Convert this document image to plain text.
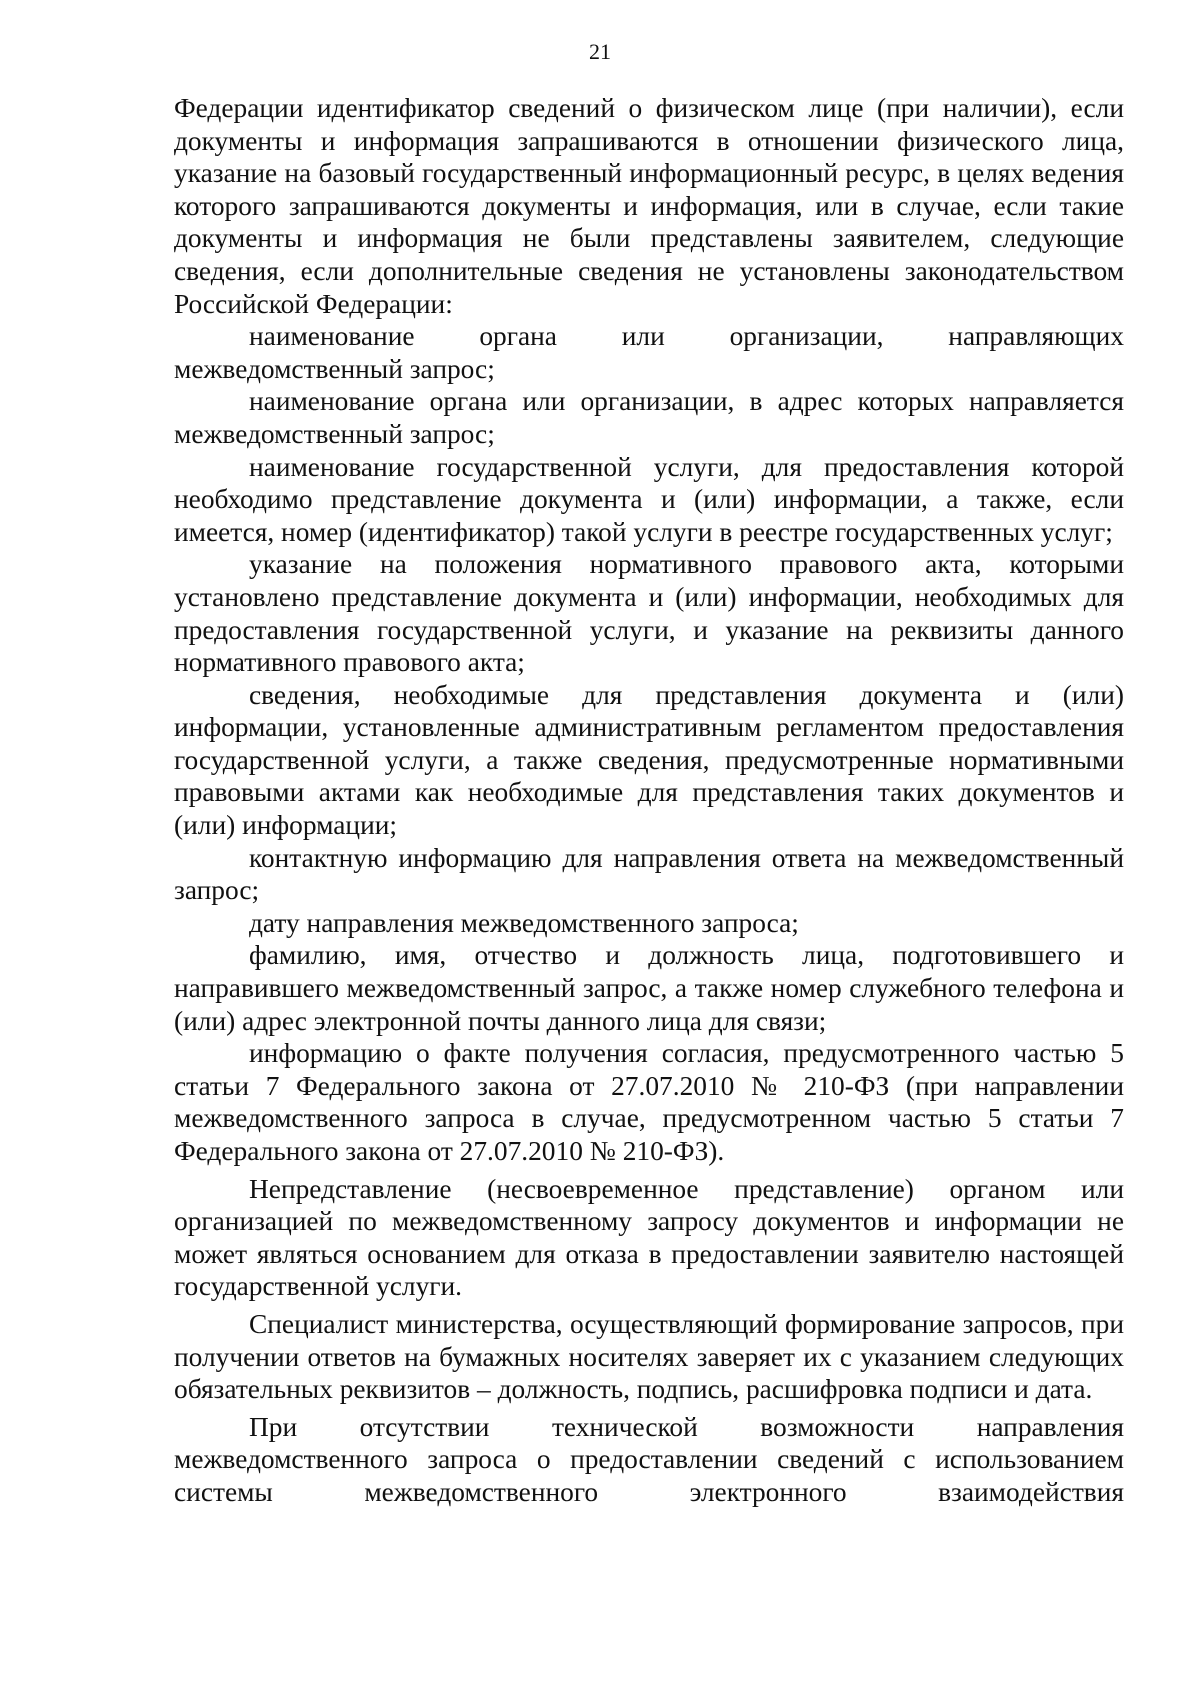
21

Федерации идентификатор сведений о физическом лице (при наличии), если документы и информация запрашиваются в отношении физического лица, указание на базовый государственный информационный ресурс, в целях ведения которого запрашиваются документы и информация, или в случае, если такие документы и информация не были представлены заявителем, следующие сведения, если дополнительные сведения не установлены законодательством Российской Федерации:

наименование органа или организации, направляющих межведомственный запрос;

наименование органа или организации, в адрес которых направляется межведомственный запрос;

наименование государственной услуги, для предоставления которой необходимо представление документа и (или) информации, а также, если имеется, номер (идентификатор) такой услуги в реестре государственных услуг;

указание на положения нормативного правового акта, которыми установлено представление документа и (или) информации, необходимых для предоставления государственной услуги, и указание на реквизиты данного нормативного правового акта;

сведения, необходимые для представления документа и (или) информации, установленные административным регламентом предоставления государственной услуги, а также сведения, предусмотренные нормативными правовыми актами как необходимые для представления таких документов и (или) информации;

контактную информацию для направления ответа на межведомственный запрос;

дату направления межведомственного запроса;

фамилию, имя, отчество и должность лица, подготовившего и направившего межведомственный запрос, а также номер служебного телефона и (или) адрес электронной почты данного лица для связи;

информацию о факте получения согласия, предусмотренного частью 5 статьи 7 Федерального закона от 27.07.2010 № 210-ФЗ (при направлении межведомственного запроса в случае, предусмотренном частью 5 статьи 7 Федерального закона от 27.07.2010 № 210-ФЗ).

Непредставление (несвоевременное представление) органом или организацией по межведомственному запросу документов и информации не может являться основанием для отказа в предоставлении заявителю настоящей государственной услуги.

Специалист министерства, осуществляющий формирование запросов, при получении ответов на бумажных носителях заверяет их с указанием следующих обязательных реквизитов – должность, подпись, расшифровка подписи и дата.

При отсутствии технической возможности направления межведомственного запроса о предоставлении сведений с использованием системы межведомственного электронного взаимодействия
